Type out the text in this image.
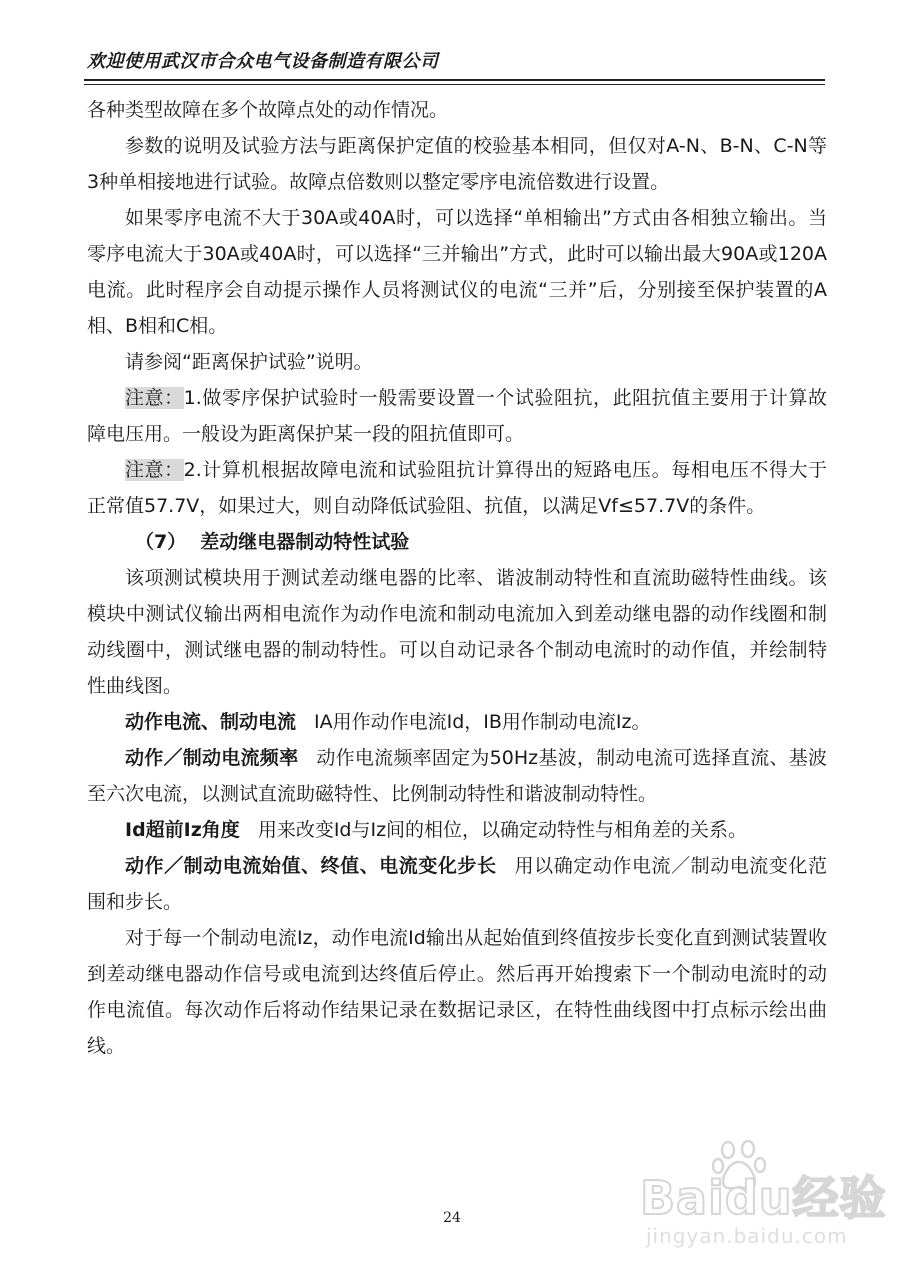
欢迎使用武汉市合众电气设备制造有限公司

各种类型故障在多个故障点处的动作情况。

参数的说明及试验方法与距离保护定值的校验基本相同，但仅对A-N、B-N、C-N等3种单相接地进行试验。故障点倍数则以整定零序电流倍数进行设置。

如果零序电流不大于30A或40A时，可以选择“单相输出”方式由各相独立输出。当零序电流大于30A或40A时，可以选择“三并输出”方式，此时可以输出最大90A或120A电流。此时程序会自动提示操作人员将测试仪的电流“三并”后，分别接至保护装置的A相、B相和C相。

请参阅“距离保护试验”说明。

注意：1.做零序保护试验时一般需要设置一个试验阻抗，此阻抗值主要用于计算故障电压用。一般设为距离保护某一段的阻抗值即可。

注意：2.计算机根据故障电流和试验阻抗计算得出的短路电压。每相电压不得大于正常值57.7V，如果过大，则自动降低试验阻、抗值，以满足Vf≤57.7V的条件。

（7） 差动继电器制动特性试验

该项测试模块用于测试差动继电器的比率、谐波制动特性和直流助磁特性曲线。该模块中测试仪输出两相电流作为动作电流和制动电流加入到差动继电器的动作线圈和制动线圈中，测试继电器的制动特性。可以自动记录各个制动电流时的动作值，并绘制特性曲线图。

动作电流、制动电流 IA用作动作电流Id，IB用作制动电流Iz。

动作／制动电流频率 动作电流频率固定为50Hz基波，制动电流可选择直流、基波至六次电流，以测试直流助磁特性、比例制动特性和谐波制动特性。

Id超前Iz角度 用来改变Id与Iz间的相位，以确定动特性与相角差的关系。

动作／制动电流始值、终值、电流变化步长 用以确定动作电流／制动电流变化范围和步长。

对于每一个制动电流Iz，动作电流Id输出从起始值到终值按步长变化直到测试装置收到差动继电器动作信号或电流到达终值后停止。然后再开始搜索下一个制动电流时的动作电流值。每次动作后将动作结果记录在数据记录区，在特性曲线图中打点标示绘出曲线。

24	Baidu经验
jingyan.baidu.com
